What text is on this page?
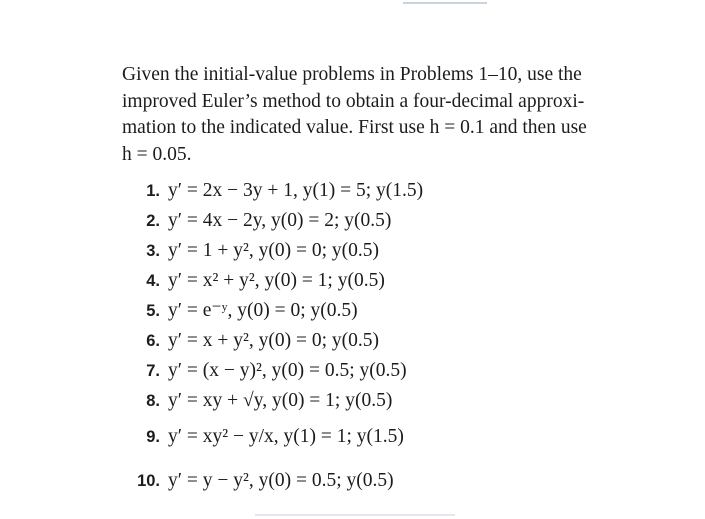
Given the initial-value problems in Problems 1–10, use the
improved Euler’s method to obtain a four-decimal approxi-
mation to the indicated value. First use h = 0.1 and then use
h = 0.05.
1. y′ = 2x − 3y + 1, y(1) = 5; y(1.5)
2. y′ = 4x − 2y, y(0) = 2; y(0.5)
3. y′ = 1 + y², y(0) = 0; y(0.5)
4. y′ = x² + y², y(0) = 1; y(0.5)
5. y′ = e⁻ʸ, y(0) = 0; y(0.5)
6. y′ = x + y², y(0) = 0; y(0.5)
7. y′ = (x − y)², y(0) = 0.5; y(0.5)
8. y′ = xy + √y, y(0) = 1; y(0.5)
9. y′ = xy² − y/x, y(1) = 1; y(1.5)
10. y′ = y − y², y(0) = 0.5; y(0.5)
